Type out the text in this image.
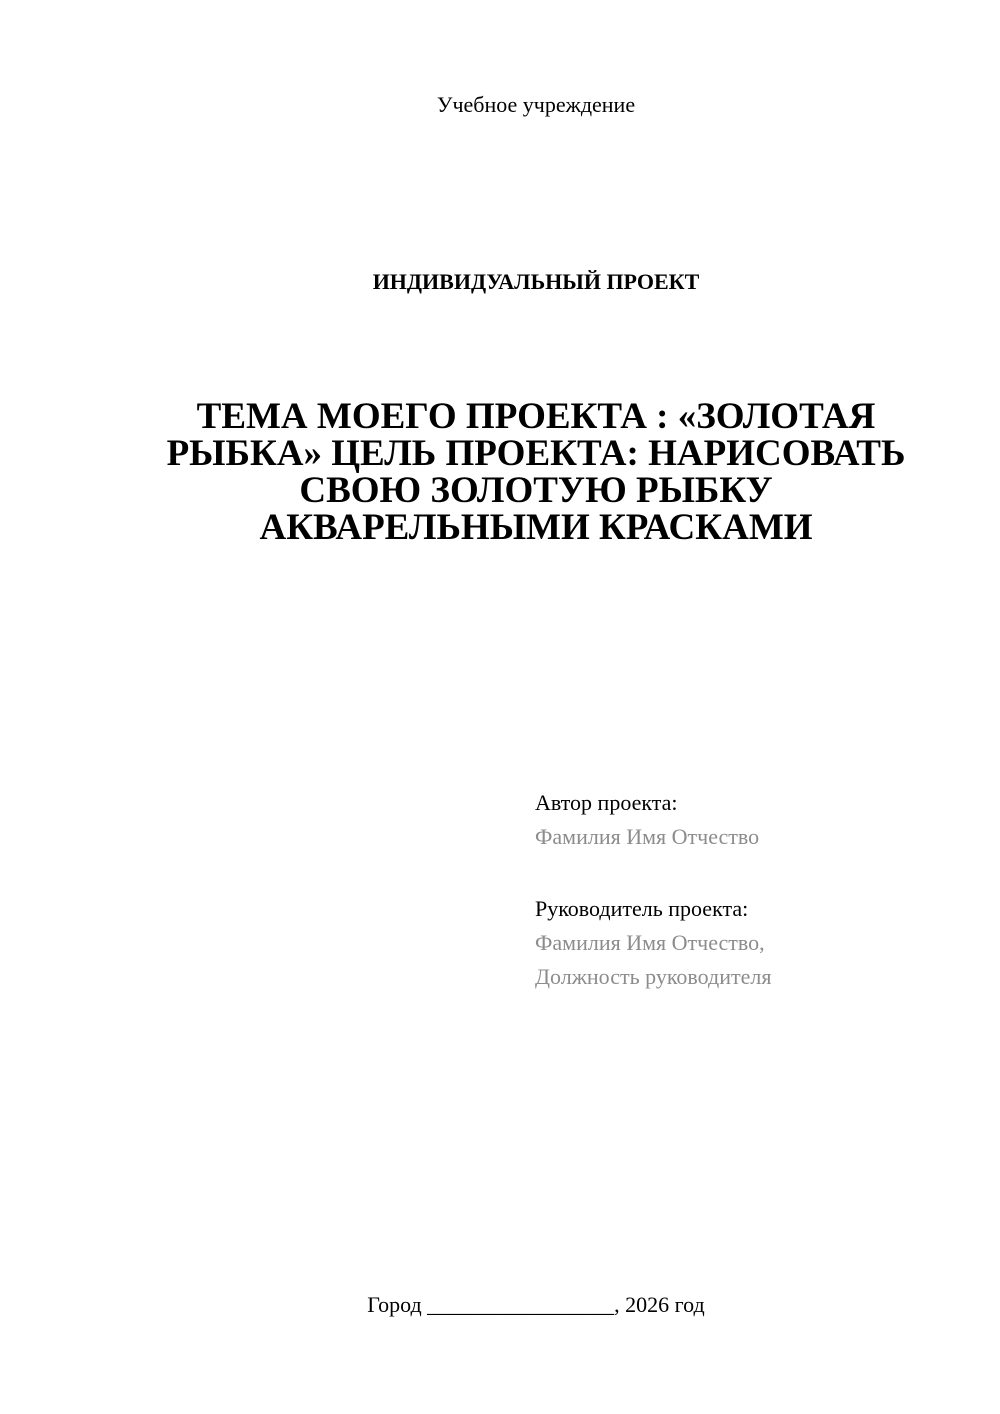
Учебное учреждение
ИНДИВИДУАЛЬНЫЙ ПРОЕКТ
ТЕМА МОЕГО ПРОЕКТА : «ЗОЛОТАЯ
РЫБКА» ЦЕЛЬ ПРОЕКТА: НАРИСОВАТЬ
СВОЮ ЗОЛОТУЮ РЫБКУ
АКВАРЕЛЬНЫМИ КРАСКАМИ
Автор проекта:
Фамилия Имя Отчество
Руководитель проекта:
Фамилия Имя Отчество,
Должность руководителя
Город _________________, 2026 год
